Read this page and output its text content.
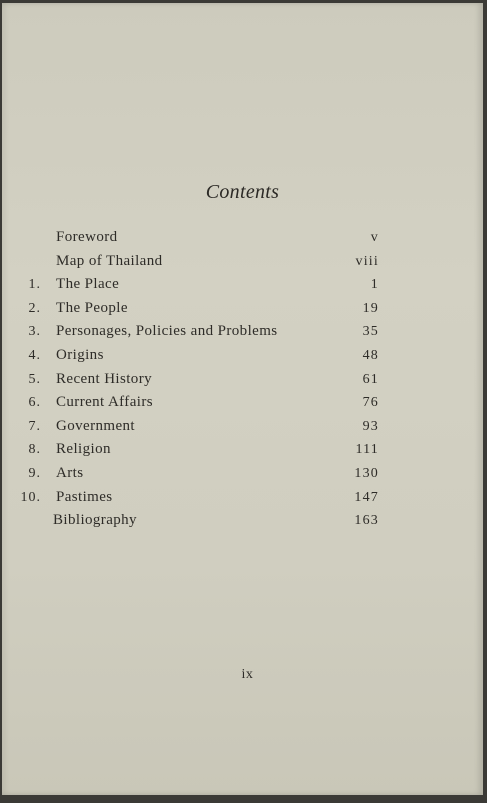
Contents
Foreword	v
Map of Thailand	viii
1. The Place	1
2. The People	19
3. Personages, Policies and Problems	35
4. Origins	48
5. Recent History	61
6. Current Affairs	76
7. Government	93
8. Religion	111
9. Arts	130
10. Pastimes	147
Bibliography	163
ix
